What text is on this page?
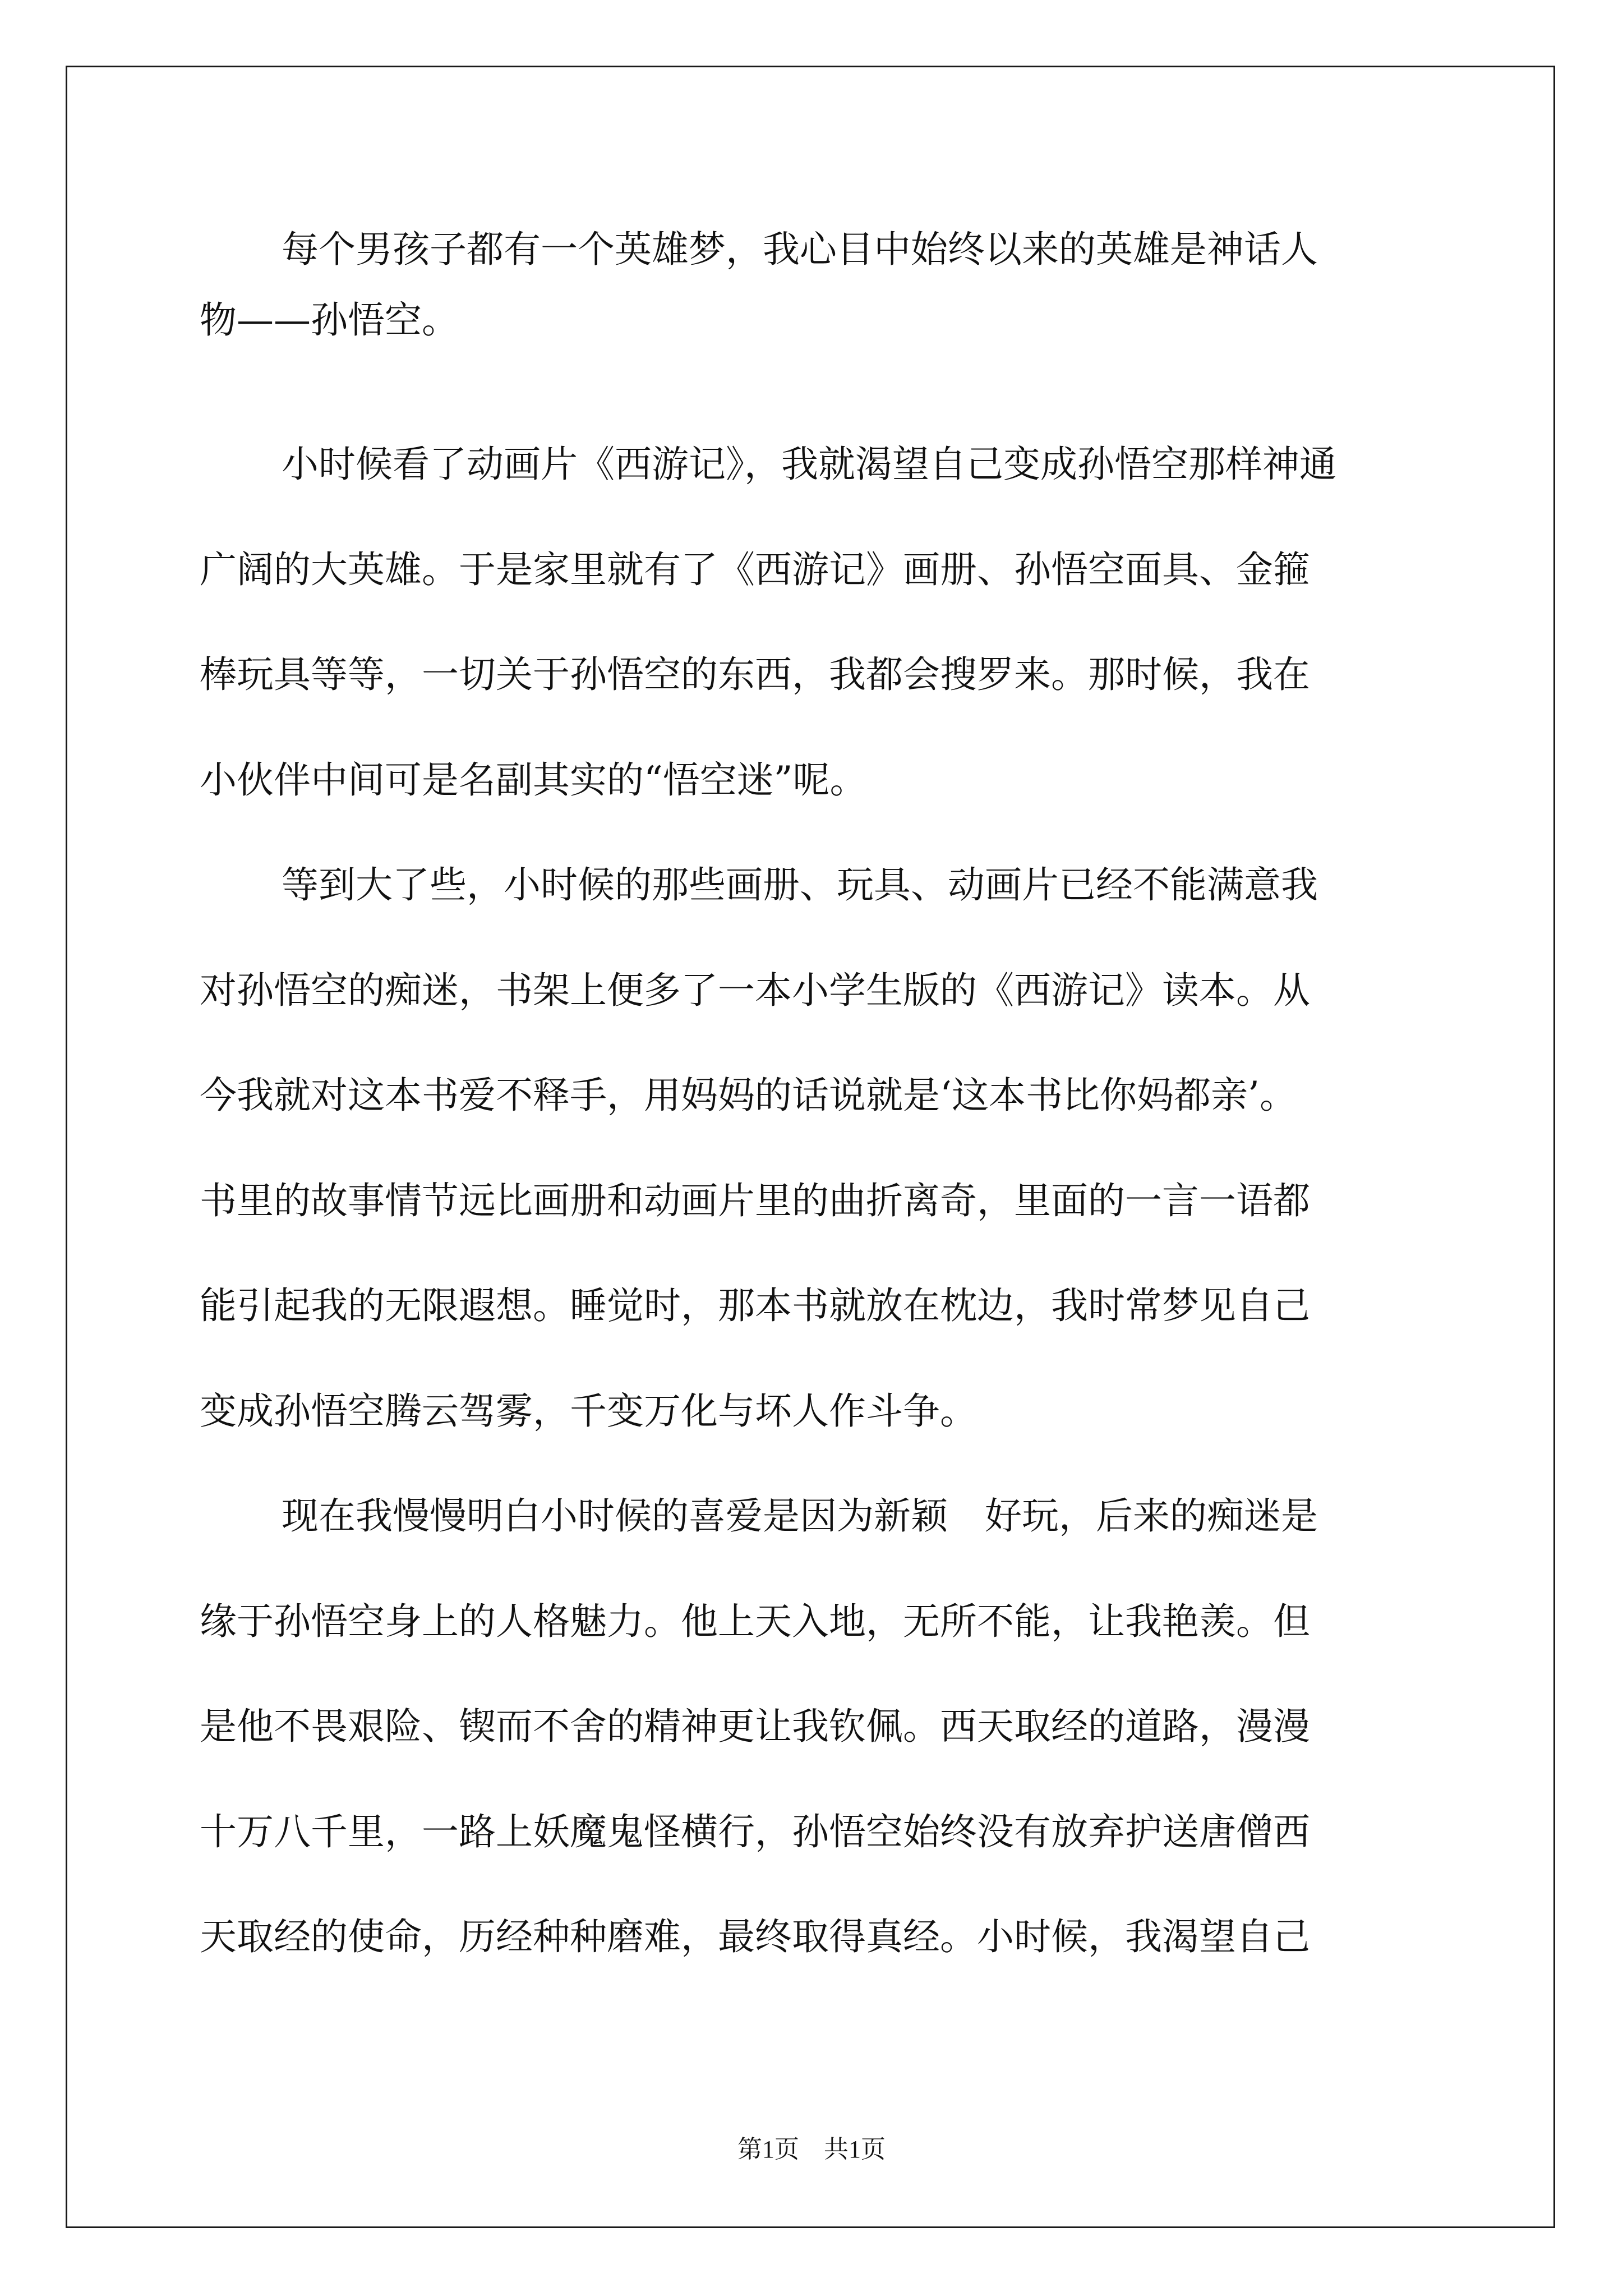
每个男孩子都有一个英雄梦，我心目中始终以来的英雄是神话人

物——孙悟空。

小时候看了动画片《西游记》，我就渴望自己变成孙悟空那样神通

广阔的大英雄。于是家里就有了《西游记》画册、孙悟空面具、金箍

棒玩具等等，一切关于孙悟空的东西，我都会搜罗来。那时候，我在

小伙伴中间可是名副其实的“悟空迷”呢。

等到大了些，小时候的那些画册、玩具、动画片已经不能满意我

对孙悟空的痴迷，书架上便多了一本小学生版的《西游记》读本。从

今我就对这本书爱不释手，用妈妈的话说就是‘这本书比你妈都亲’。

书里的故事情节远比画册和动画片里的曲折离奇，里面的一言一语都

能引起我的无限遐想。睡觉时，那本书就放在枕边，我时常梦见自己

变成孙悟空腾云驾雾，千变万化与坏人作斗争。

现在我慢慢明白小时候的喜爱是因为新颖　好玩，后来的痴迷是

缘于孙悟空身上的人格魅力。他上天入地，无所不能，让我艳羡。但

是他不畏艰险、锲而不舍的精神更让我钦佩。西天取经的道路，漫漫

十万八千里，一路上妖魔鬼怪横行，孙悟空始终没有放弃护送唐僧西

天取经的使命，历经种种磨难，最终取得真经。小时候，我渴望自己

第1页　共1页
